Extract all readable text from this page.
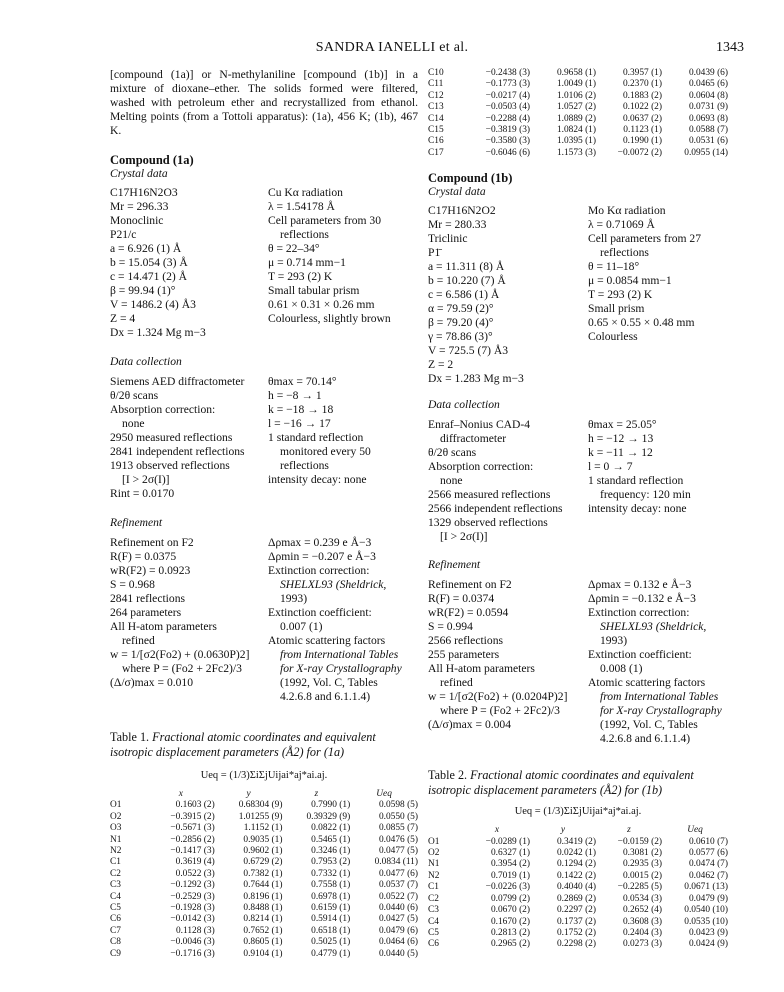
SANDRA IANELLI et al.	1343

[compound (1a)] or N-methylaniline [compound (1b)] in a mixture of dioxane–ether. The solids formed were filtered, washed with petroleum ether and recrystallized from ethanol. Melting points (from a Tottoli apparatus): (1a), 456 K; (1b), 467 K.

Compound (1a)

Crystal data

C17H16N2O3
Mr = 296.33
Monoclinic
P21/c
a = 6.926 (1) Å
b = 15.054 (3) Å
c = 14.471 (2) Å
β = 99.94 (1)°
V = 1486.2 (4) Å3
Z = 4
Dx = 1.324 Mg m−3
Cu Kα radiation
λ = 1.54178 Å
Cell parameters from 30
reflections
θ = 22–34°
μ = 0.714 mm−1
T = 293 (2) K
Small tabular prism
0.61 × 0.31 × 0.26 mm
Colourless, slightly brown

Data collection

Siemens AED diffractometer
θ/2θ scans
Absorption correction:
none
2950 measured reflections
2841 independent reflections
1913 observed reflections
[I > 2σ(I)]
Rint = 0.0170
θmax = 70.14°
h = −8 → 1
k = −18 → 18
l = −16 → 17
1 standard reflection
monitored every 50
reflections
intensity decay: none

Refinement

Refinement on F2
R(F) = 0.0375
wR(F2) = 0.0923
S = 0.968
2841 reflections
264 parameters
All H-atom parameters
refined
w = 1/[σ2(Fo2) + (0.0630P)2]
where P = (Fo2 + 2Fc2)/3
(Δ/σ)max = 0.010
Δρmax = 0.239 e Å−3
Δρmin = −0.207 e Å−3
Extinction correction:
SHELXL93 (Sheldrick,
1993)
Extinction coefficient:
0.007 (1)
Atomic scattering factors
from International Tables
for X-ray Crystallography
(1992, Vol. C, Tables
4.2.6.8 and 6.1.1.4)

Table 1. Fractional atomic coordinates and equivalent isotropic displacement parameters (Å2) for (1a)

Ueq = (1/3)ΣiΣjUijai*aj*ai.aj.
	x	y	z	Ueq
O1	0.1603 (2)	0.68304 (9)	0.7990 (1)	0.0598 (5)
O2	−0.3915 (2)	1.01255 (9)	0.39329 (9)	0.0550 (5)
O3	−0.5671 (3)	1.1152 (1)	0.0822 (1)	0.0855 (7)
N1	−0.2856 (2)	0.9035 (1)	0.5465 (1)	0.0476 (5)
N2	−0.1417 (3)	0.9602 (1)	0.3246 (1)	0.0477 (5)
C1	0.3619 (4)	0.6729 (2)	0.7953 (2)	0.0834 (11)
C2	0.0522 (3)	0.7382 (1)	0.7332 (1)	0.0477 (6)
C3	−0.1292 (3)	0.7644 (1)	0.7558 (1)	0.0537 (7)
C4	−0.2529 (3)	0.8196 (1)	0.6978 (1)	0.0522 (7)
C5	−0.1928 (3)	0.8488 (1)	0.6159 (1)	0.0440 (6)
C6	−0.0142 (3)	0.8214 (1)	0.5914 (1)	0.0427 (5)
C7	0.1128 (3)	0.7652 (1)	0.6518 (1)	0.0479 (6)
C8	−0.0046 (3)	0.8605 (1)	0.5025 (1)	0.0464 (6)
C9	−0.1716 (3)	0.9104 (1)	0.4779 (1)	0.0440 (5)
C10	−0.2438 (3)	0.9658 (1)	0.3957 (1)	0.0439 (6)
C11	−0.1773 (3)	1.0049 (1)	0.2370 (1)	0.0465 (6)
C12	−0.0217 (4)	1.0106 (2)	0.1883 (2)	0.0604 (8)
C13	−0.0503 (4)	1.0527 (2)	0.1022 (2)	0.0731 (9)
C14	−0.2288 (4)	1.0889 (2)	0.0637 (2)	0.0693 (8)
C15	−0.3819 (3)	1.0824 (1)	0.1123 (1)	0.0588 (7)
C16	−0.3580 (3)	1.0395 (1)	0.1990 (1)	0.0531 (6)
C17	−0.6046 (6)	1.1573 (3)	−0.0072 (2)	0.0955 (14)

Compound (1b)

Crystal data

C17H16N2O2
Mr = 280.33
Triclinic
P1̄
a = 11.311 (8) Å
b = 10.220 (7) Å
c = 6.586 (1) Å
α = 79.59 (2)°
β = 79.20 (4)°
γ = 78.86 (3)°
V = 725.5 (7) Å3
Z = 2
Dx = 1.283 Mg m−3
Mo Kα radiation
λ = 0.71069 Å
Cell parameters from 27
reflections
θ = 11–18°
μ = 0.0854 mm−1
T = 293 (2) K
Small prism
0.65 × 0.55 × 0.48 mm
Colourless

Data collection

Enraf–Nonius CAD-4
diffractometer
θ/2θ scans
Absorption correction:
none
2566 measured reflections
2566 independent reflections
1329 observed reflections
[I > 2σ(I)]
θmax = 25.05°
h = −12 → 13
k = −11 → 12
l = 0 → 7
1 standard reflection
frequency: 120 min
intensity decay: none

Refinement

Refinement on F2
R(F) = 0.0374
wR(F2) = 0.0594
S = 0.994
2566 reflections
255 parameters
All H-atom parameters
refined
w = 1/[σ2(Fo2) + (0.0204P)2]
where P = (Fo2 + 2Fc2)/3
(Δ/σ)max = 0.004
Δρmax = 0.132 e Å−3
Δρmin = −0.132 e Å−3
Extinction correction:
SHELXL93 (Sheldrick,
1993)
Extinction coefficient:
0.008 (1)
Atomic scattering factors
from International Tables
for X-ray Crystallography
(1992, Vol. C, Tables
4.2.6.8 and 6.1.1.4)

Table 2. Fractional atomic coordinates and equivalent isotropic displacement parameters (Å2) for (1b)

Ueq = (1/3)ΣiΣjUijai*aj*ai.aj.
	x	y	z	Ueq
O1	−0.0289 (1)	0.3419 (2)	−0.0159 (2)	0.0610 (7)
O2	0.6327 (1)	0.0242 (1)	0.3081 (2)	0.0577 (6)
N1	0.3954 (2)	0.1294 (2)	0.2935 (3)	0.0474 (7)
N2	0.7019 (1)	0.1422 (2)	0.0015 (2)	0.0462 (7)
C1	−0.0226 (3)	0.4040 (4)	−0.2285 (5)	0.0671 (13)
C2	0.0799 (2)	0.2869 (2)	0.0534 (3)	0.0479 (9)
C3	0.0670 (2)	0.2297 (2)	0.2652 (4)	0.0540 (10)
C4	0.1670 (2)	0.1737 (2)	0.3608 (3)	0.0535 (10)
C5	0.2813 (2)	0.1752 (2)	0.2404 (3)	0.0423 (9)
C6	0.2965 (2)	0.2298 (2)	0.0273 (3)	0.0424 (9)
